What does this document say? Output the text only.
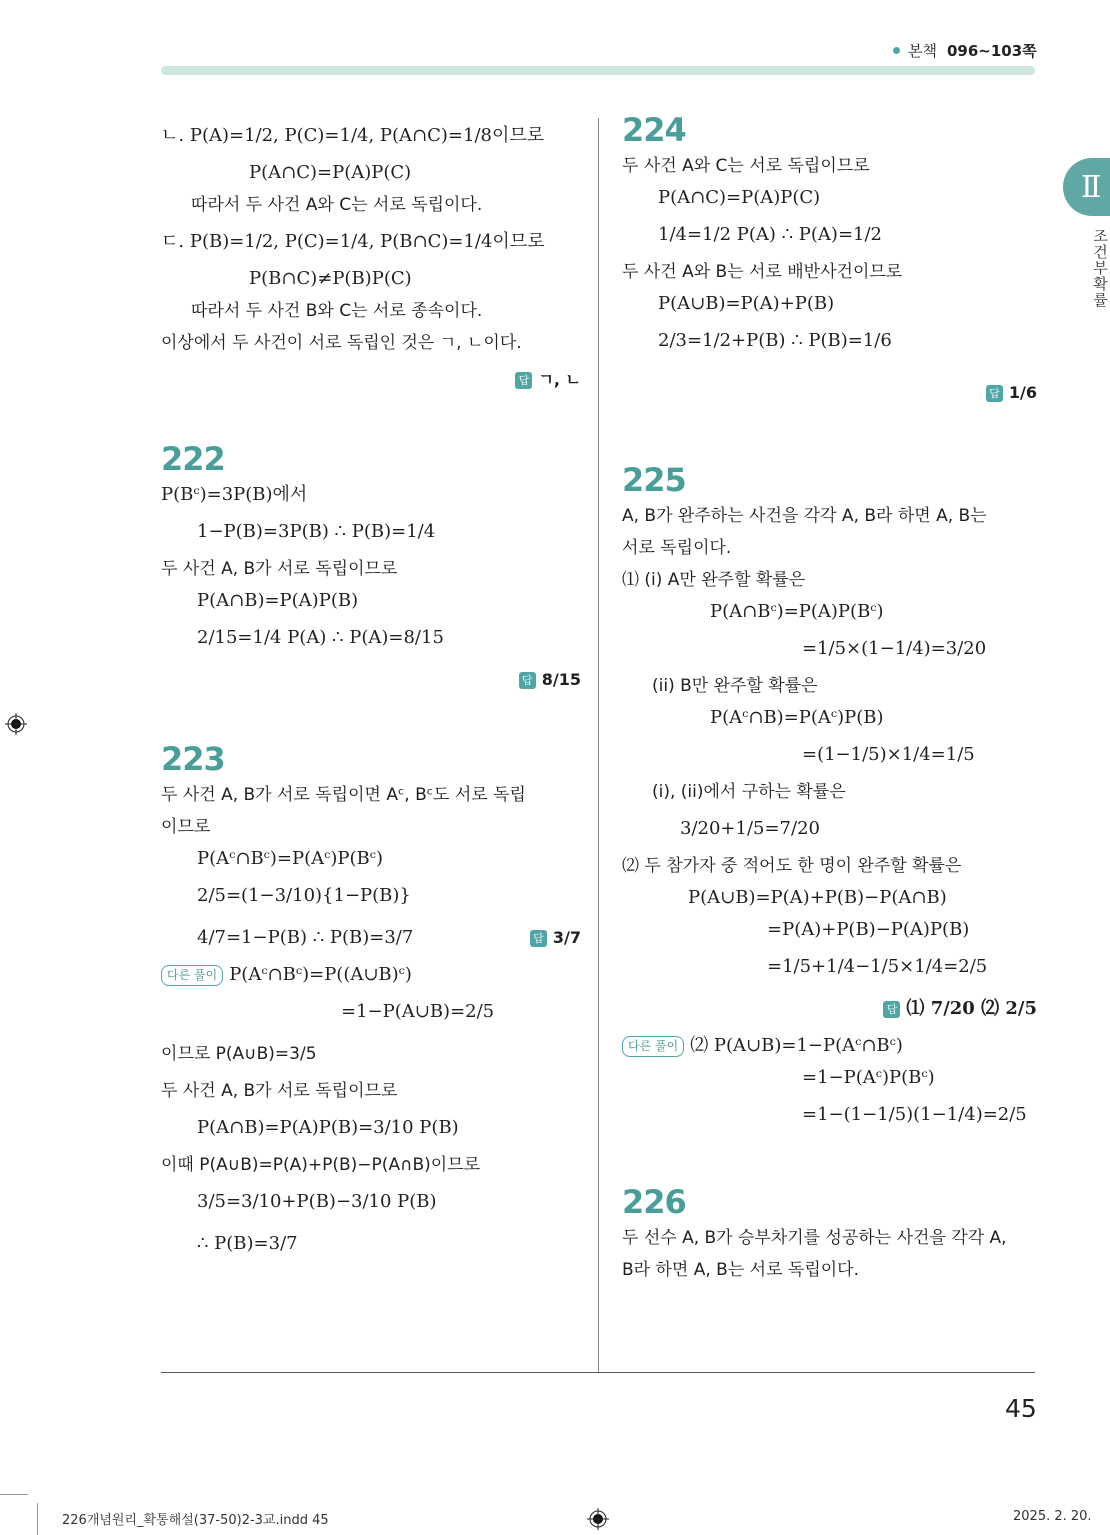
본책 096~103쪽
Ⅱ
조건부확률
ㄴ. P(A)=1/2, P(C)=1/4, P(A∩C)=1/8이므로
P(A∩C)=P(A)P(C)
따라서 두 사건 A와 C는 서로 독립이다.
ㄷ. P(B)=1/2, P(C)=1/4, P(B∩C)=1/4이므로
P(B∩C)≠P(B)P(C)
따라서 두 사건 B와 C는 서로 종속이다.
이상에서 두 사건이 서로 독립인 것은 ㄱ, ㄴ이다.
답 ㄱ, ㄴ
222
P(Bᶜ)=3P(B)에서
1−P(B)=3P(B) ∴ P(B)=1/4
두 사건 A, B가 서로 독립이므로
P(A∩B)=P(A)P(B)
2/15=1/4 P(A) ∴ P(A)=8/15
답 8/15
223
두 사건 A, B가 서로 독립이면 Aᶜ, Bᶜ도 서로 독립
이므로
P(Aᶜ∩Bᶜ)=P(Aᶜ)P(Bᶜ)
2/5=(1−3/10){1−P(B)}
4/7=1−P(B) ∴ P(B)=3/7	답 3/7
다른 풀이 P(Aᶜ∩Bᶜ)=P((A∪B)ᶜ)
=1−P(A∪B)=2/5
이므로 P(A∪B)=3/5
두 사건 A, B가 서로 독립이므로
P(A∩B)=P(A)P(B)=3/10 P(B)
이때 P(A∪B)=P(A)+P(B)−P(A∩B)이므로
3/5=3/10+P(B)−3/10 P(B)
∴ P(B)=3/7
224
두 사건 A와 C는 서로 독립이므로
P(A∩C)=P(A)P(C)
1/4=1/2 P(A) ∴ P(A)=1/2
두 사건 A와 B는 서로 배반사건이므로
P(A∪B)=P(A)+P(B)
2/3=1/2+P(B) ∴ P(B)=1/6
답 1/6
225
A, B가 완주하는 사건을 각각 A, B라 하면 A, B는
서로 독립이다.
⑴ (i) A만 완주할 확률은
P(A∩Bᶜ)=P(A)P(Bᶜ)
=1/5×(1−1/4)=3/20
(ii) B만 완주할 확률은
P(Aᶜ∩B)=P(Aᶜ)P(B)
=(1−1/5)×1/4=1/5
(i), (ii)에서 구하는 확률은
3/20+1/5=7/20
⑵ 두 참가자 중 적어도 한 명이 완주할 확률은
P(A∪B)=P(A)+P(B)−P(A∩B)
=P(A)+P(B)−P(A)P(B)
=1/5+1/4−1/5×1/4=2/5
답 ⑴ 7/20 ⑵ 2/5
다른 풀이 ⑵ P(A∪B)=1−P(Aᶜ∩Bᶜ)
=1−P(Aᶜ)P(Bᶜ)
=1−(1−1/5)(1−1/4)=2/5
226
두 선수 A, B가 승부차기를 성공하는 사건을 각각 A,
B라 하면 A, B는 서로 독립이다.
45
226개념원리_확통해설(37-50)2-3교.indd 45	2025. 2. 20.
